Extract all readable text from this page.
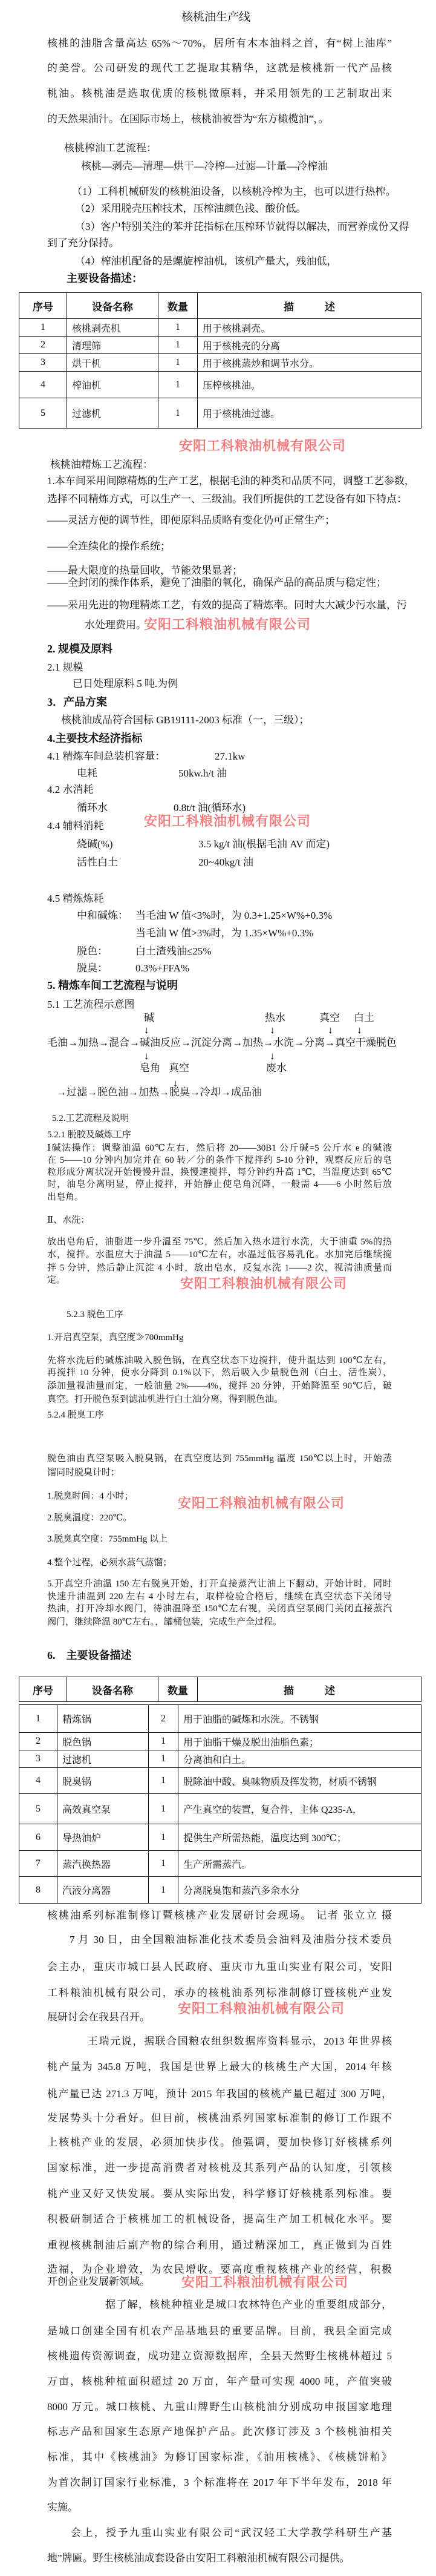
核桃油生产线
核桃的油脂含量高达 65%～70%，居所有木本油料之首，有“树上油库”
的美誉。公司研发的现代工艺提取其精华，这就是核桃新一代产品核
桃油。核桃油是选取优质的核桃做原料，并采用领先的工艺制取出来
的天然果油汁。在国际市场上，核桃油被誉为“东方橄榄油”，。
核桃榨油工艺流程：
核桃—剥壳—清理—烘干—冷榨—过滤—计量—冷榨油
（1）工科机械研发的核桃油设备，以核桃冷榨为主，也可以进行热榨。
（2）采用脱壳压榨技术，压榨油颜色浅、酸价低。
（3）客户特别关注的苯并芘指标在压榨环节就得以解决，而营养成份又得
到了充分保持。
（4）榨油机配备的是螺旋榨油机，该机产量大，残油低，
主要设备描述：
序号	设备名称	数量	描　　　述
1	核桃剥壳机	1	用于核桃剥壳。
2	清理筛	1	用于核桃壳的分离
3	烘干机	1	用于核桃蒸炒和调节水分。
4	榨油机	1	压榨核桃油。
5	过滤机	1	用于核桃油过滤。
安阳工科粮油机械有限公司
核桃油精炼工艺流程：
1.本车间采用间隙精炼的生产工艺，根据毛油的种类和品质不同，调整工艺参数，
选择不同精炼方式，可以生产一、三级油。我们所提供的工艺设备有如下特点：
——灵活方便的调节性，即便原料品质略有变化仍可正常生产；
——全连续化的操作系统；
——最大限度的热量回收，节能效果显著；
——全封闭的操作体系，避免了油脂的氧化，确保产品的高品质与稳定性；
——采用先进的物理精炼工艺，有效的提高了精炼率。同时大大减少污水量，污
水处理费用。
安阳工科粮油机械有限公司
2. 规模及原料
2.1 规模
已日处理原料 5 吨.为例
3．产品方案
核桃油成品符合国标 GB19111-2003 标准（一，三级）；
4.主要技术经济指标
4.1 精炼车间总装机容量：	27.1kw
电耗	50kw.h/t 油
4.2 水消耗
循环水	0.8t/t 油(循环水)
4.4 辅料消耗	安阳工科粮油机械有限公司
烧碱(%)	3.5 kg/t 油(根据毛油 AV 而定)
活性白土	20~40kg/t 油
4.5 精炼炼耗
中和碱炼： 当毛油 W 值<3%时，为 0.3+1.25×W%+0.3%
当毛油 W 值>3%时，为 1.35×W%+0.3%
脱色：	白土渣残油≤25%
脱臭：	0.3%+FFA%
5. 精炼车间工艺流程与说明
5.1 工艺流程示意图
碱	热水	真空	白土
↓	↓	↓	↓
毛油→加热→混合→碱油反应→沉淀分离→加热→水洗→分离→真空干燥脱色
↓	↓
皂角 真空	废水
↓
→过滤→脱色油→加热→脱臭→冷却→成品油
5.2.工艺流程及说明
5.2.1 脱胶及碱炼工序
Ⅰ碱法操作：调整油温 60℃左右，然后将 20——30B1 公斤碱=5 公斤水 e 的碱液
在 5——10 分钟内加完并在 60 转／分的条件下搅拌约 5-10 分钟，观察反应后的皂
粒形成分离状况开始慢慢升温，换慢速搅拌，每分钟约升高 1℃，当温度达到 65℃
时，油皂分离明显，停止搅拌，开始静止使皂角沉降，一般需 4——6 小时然后放
出皂角。
Ⅱ、水洗：
放出皂角后，油脂进一步升温至 75℃，然后加入热水进行水洗，大于油重 5%的热
水，搅拌。水温应大于油温 5——10℃左右，水温过低容易乳化。水加完后继续搅
拌 5 分钟，然后静止沉淀 4 小时，放出皂水，反复水洗 1——2 次，视清油质量而
定。	安阳工科粮油机械有限公司
5.2.3 脱色工序
1.开启真空泵，真空度≫700mmHg
先将水洗后的碱炼油吸入脱色锅，在真空状态下边搅拌，使升温达到 100℃左右，
再搅拌 10 分钟，使水分降到 0.1%以下，然后吸入少量脱色剂（白土，活性炭），
添加量视油量而定，一般油量 2%——4%，搅拌 20 分钟，开始降温至 90℃后，破
真空。打开脱色泵到滤油机进行白土油分离，得到脱色油。
5.2.4 脱臭工序
脱色油由真空泵吸入脱臭锅，在真空度达到 755mmHg 温度 150℃以上时，开始蒸
馏同时脱臭计时；
1.脱臭时间：4 小时；	安阳工科粮油机械有限公司
2.脱臭温度：220℃。
3.脱臭真空度：755mmHg 以上
4.整个过程，必须水蒸气蒸馏；
5.开真空升油温 150 左右脱臭开始，打开直接蒸汽让油上下翻动，开始计时，同时
快速升油温到 220 左右 4 小时左右，取样检验合格后，继续在真空状态下关闭导
热油，打开冷却水阀门，待油温降至 150℃左右视，关闭真空泵阀门关闭直接蒸汽
阀门，继续降温 80℃左右。，罐桶包装，完成生产全过程。
6.　主要设备描述
序号	设备名称	数量	描　　　述
1	精炼锅	2	用于油脂的碱炼和水洗。不锈钢
2	脱色锅	1	用于油脂干燥及脱出油脂色素；
3	过滤机	1	分离油和白土。
4	脱臭锅	1	脱除油中酸、臭味物质及挥发物，材质不锈钢
5	高效真空泵	1	产生真空的装置，复合件，主体 Q235-A,
6	导热油炉	1	提供生产所需热能，温度达到 300℃；
7	蒸汽换热器	1	生产所需蒸汽。
8	汽液分离器	1	分离脱臭饱和蒸汽多余水分
核桃油系列标准制修订暨核桃产业发展研讨会现场。 记者 张立立 摄
7 月 30 日，由全国粮油标准化技术委员会油料及油脂分技术委员
会主办，重庆市城口县人民政府、重庆市九重山实业有限公司，安阳
工科粮油机械有限公司，承办的核桃油系列标准制修订暨核桃产业发
展研讨会在我县召开。
安阳工科粮油机械有限公司
王瑞元说，据联合国粮农组织数据库资料显示，2013 年世界核
桃产量为 345.8 万吨，我国是世界上最大的核桃生产大国，2014 年核
桃产量已达 271.3 万吨，预计 2015 年我国的核桃产量已超过 300 万吨，
发展势头十分看好。但目前，核桃油系列国家标准制的修订工作跟不
上核桃产业的发展，必须加快步伐。他强调，要加快修订好核桃系列
国家标准，进一步提高消费者对核桃及其系列产品的认知度，引领核
桃产业又好又快发展。要从实际出发，科学修订好核桃系列标准。要
积极研制适合于核桃加工的机械设备，提高生产加工机械化水平。要
重视核桃制油后副产物的综合利用，通过精深加工，真正做到为百姓
造福，为企业增效，为农民增收。要高度重视核桃产业的经营，积极
开创企业发展新领域。	安阳工科粮油机械有限公司
据了解，核桃种植业是城口农林特色产业的重要组成部分，
是城口创建全国有机农产品基地县的重要品牌。目前，我县全面完成
核桃遗传资源调查，成功建立资源数据库，全县天然野生核桃林超过 5
万亩，核桃种植面积超过 20 万亩，年产量可实现 4000 吨，产值突破
8000 万元。城口核桃、九重山牌野生山核桃油分别成功申报国家地理
标志产品和国家生态原产地保护产品。此次修订涉及 3 个核桃油相关
标准，其中《核桃油》为修订国家标准，《油用核桃》、《核桃饼粕》
为首次制订国家行业标准，3 个标准将在 2017 年下半年发布，2018 年
实施。
会上，授予九重山实业有限公司“武汉轻工大学教学科研生产基
地”牌匾。野生核桃油成套设备由安阳工科粮油机械有限公司提供。
